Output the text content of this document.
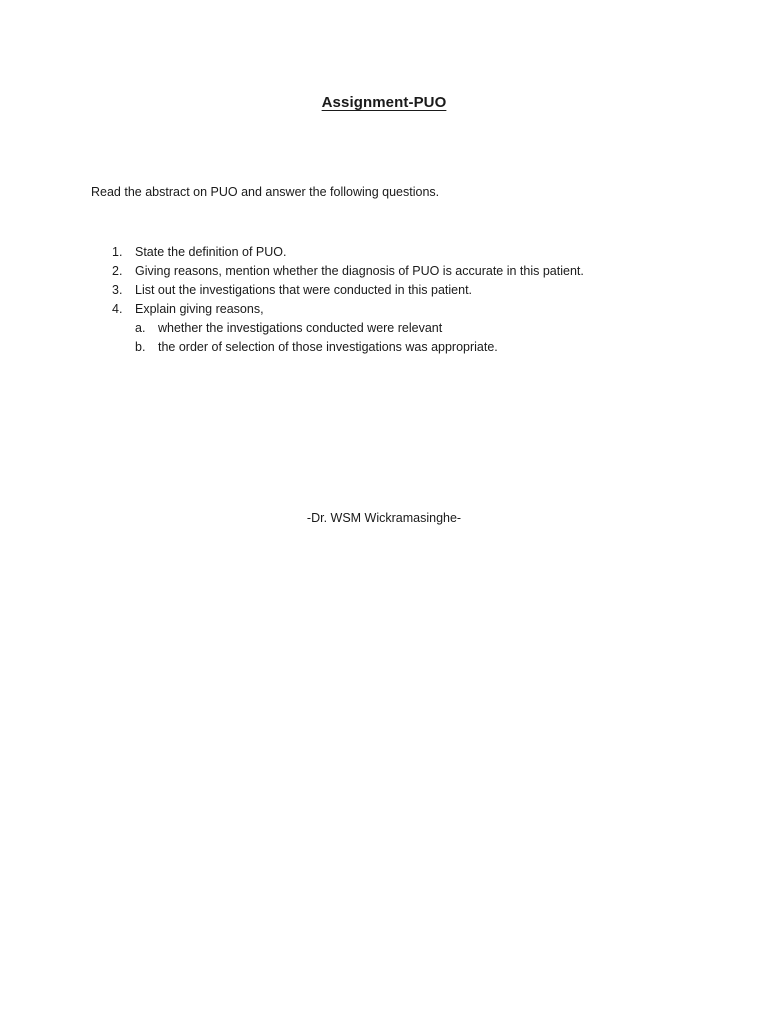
Assignment-PUO

Read the abstract on PUO and answer the following questions.

1. State the definition of PUO.
2. Giving reasons, mention whether the diagnosis of PUO is accurate in this patient.
3. List out the investigations that were conducted in this patient.
4. Explain giving reasons,
a. whether the investigations conducted were relevant
b. the order of selection of those investigations was appropriate.

-Dr. WSM Wickramasinghe-
